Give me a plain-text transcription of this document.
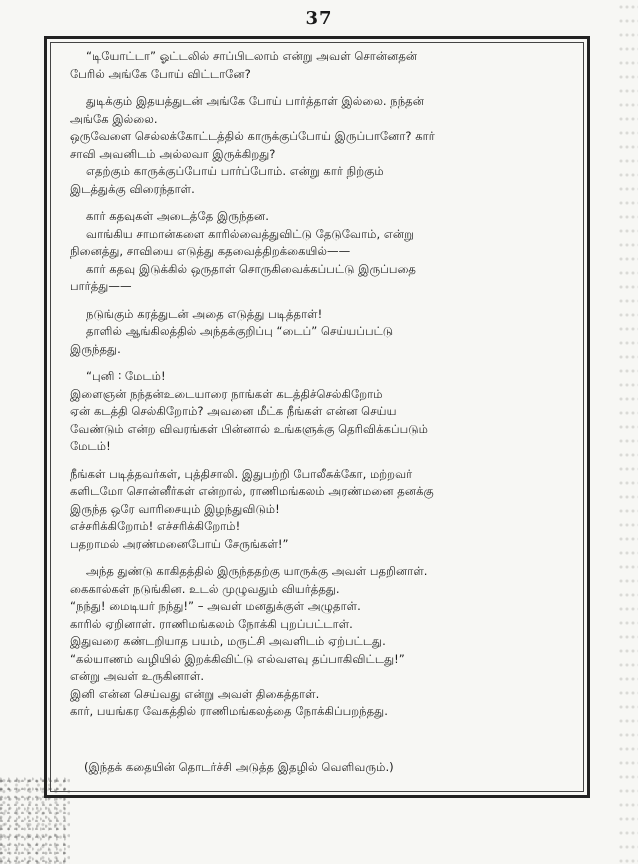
37
“டியோட்டா” ஓட்டலில் சாப்பிடலாம் என்று அவள் சொன்னதன்
பேரில் அங்கே போய் விட்டானே?
துடிக்கும் இதயத்துடன் அங்கே போய் பார்த்தாள் இல்லை. நந்தன்
அங்கே இல்லை.
ஒருவேளை செல்லக்கோட்டத்தில் காருக்குப்போய் இருப்பானோ? கார்
சாவி அவனிடம் அல்லவா இருக்கிறது?
எதற்கும் காருக்குப்போய் பார்ப்போம். என்று கார் நிற்கும்
இடத்துக்கு விரைந்தாள்.
கார் கதவுகள் அடைத்தே இருந்தன.
வாங்கிய சாமான்களை காரில்வைத்துவிட்டு தேடுவோம், என்று
நினைத்து, சாவியை எடுத்து கதவைத்திறக்கையில்——
கார் கதவு இடுக்கில் ஒருதாள் சொருகிவைக்கப்பட்டு இருப்பதை
பார்த்து——
நடுங்கும் கரத்துடன் அதை எடுத்து படித்தாள்!
தாளில் ஆங்கிலத்தில் அந்தக்குறிப்பு “டைப்” செய்யப்பட்டு
இருந்தது.
“புனி ∶ மேடம்!
இளைஞன் நந்தன்உடையாரை நாங்கள் கடத்திச்செல்கிறோம்
ஏன் கடத்தி செல்கிறோம்? அவனை மீட்க நீங்கள் என்ன செய்ய
வேண்டும் என்ற விவரங்கள் பின்னால் உங்களுக்கு தெரிவிக்கப்படும்
மேடம்!
நீங்கள் படித்தவர்கள், புத்திசாலி. இதுபற்றி போலீசுக்கோ, மற்றவர்
களிடமோ சொன்னீர்கள் என்றால், ராணிமங்கலம் அரண்மனை தனக்கு
இருந்த ஒரே வாரிசையும் இழந்துவிடும்!
எச்சரிக்கிறோம்! எச்சரிக்கிறோம்!
பதறாமல் அரண்மனைபோய் சேருங்கள்!”
அந்த துண்டு காகிதத்தில் இருந்ததற்கு யாருக்கு அவள் பதறினாள்.
கைகால்கள் நடுங்கின. உடல் முழுவதும் வியர்த்தது.
“நந்து! மைடியர் நந்து!” – அவள் மனதுக்குள் அழுதாள்.
காரில் ஏறினாள். ராணிமங்கலம் நோக்கி புறப்பட்டாள்.
இதுவரை கண்டறியாத பயம், மருட்சி அவளிடம் ஏற்பட்டது.
“கல்யாணம் வழியில் இறக்கிவிட்டு எல்வளவு தப்பாகிவிட்டது!”
என்று அவள் உருகினாள்.
இனி என்ன செய்வது என்று அவள் திகைத்தாள்.
கார், பயங்கர வேகத்தில் ராணிமங்கலத்தை நோக்கிப்பறந்தது.
(இந்தக் கதையின் தொடர்ச்சி அடுத்த இதழில் வெளிவரும்.)
